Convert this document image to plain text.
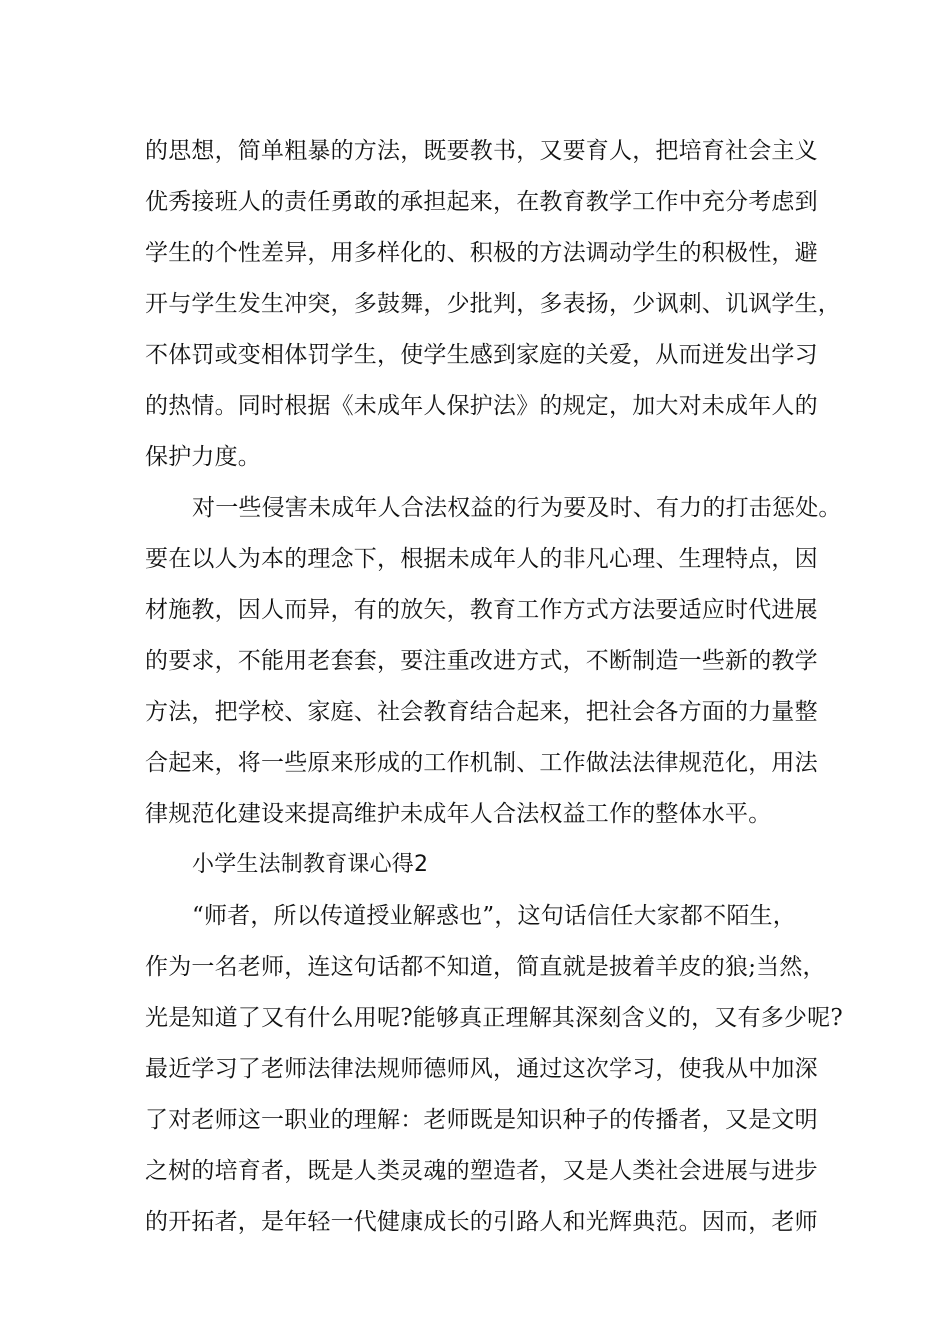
的思想，简单粗暴的方法，既要教书，又要育人，把培育社会主义
优秀接班人的责任勇敢的承担起来，在教育教学工作中充分考虑到
学生的个性差异，用多样化的、积极的方法调动学生的积极性，避
开与学生发生冲突，多鼓舞，少批判，多表扬，少讽刺、讥讽学生，
不体罚或变相体罚学生，使学生感到家庭的关爱，从而迸发出学习
的热情。同时根据《未成年人保护法》的规定，加大对未成年人的
保护力度。
对一些侵害未成年人合法权益的行为要及时、有力的打击惩处。
要在以人为本的理念下，根据未成年人的非凡心理、生理特点，因
材施教，因人而异，有的放矢，教育工作方式方法要适应时代进展
的要求，不能用老套套，要注重改进方式，不断制造一些新的教学
方法，把学校、家庭、社会教育结合起来，把社会各方面的力量整
合起来，将一些原来形成的工作机制、工作做法法律规范化，用法
律规范化建设来提高维护未成年人合法权益工作的整体水平。
小学生法制教育课心得2
“师者，所以传道授业解惑也”，这句话信任大家都不陌生，
作为一名老师，连这句话都不知道，简直就是披着羊皮的狼;当然，
光是知道了又有什么用呢?能够真正理解其深刻含义的，又有多少呢?
最近学习了老师法律法规师德师风，通过这次学习，使我从中加深
了对老师这一职业的理解：老师既是知识种子的传播者，又是文明
之树的培育者，既是人类灵魂的塑造者，又是人类社会进展与进步
的开拓者，是年轻一代健康成长的引路人和光辉典范。因而，老师
